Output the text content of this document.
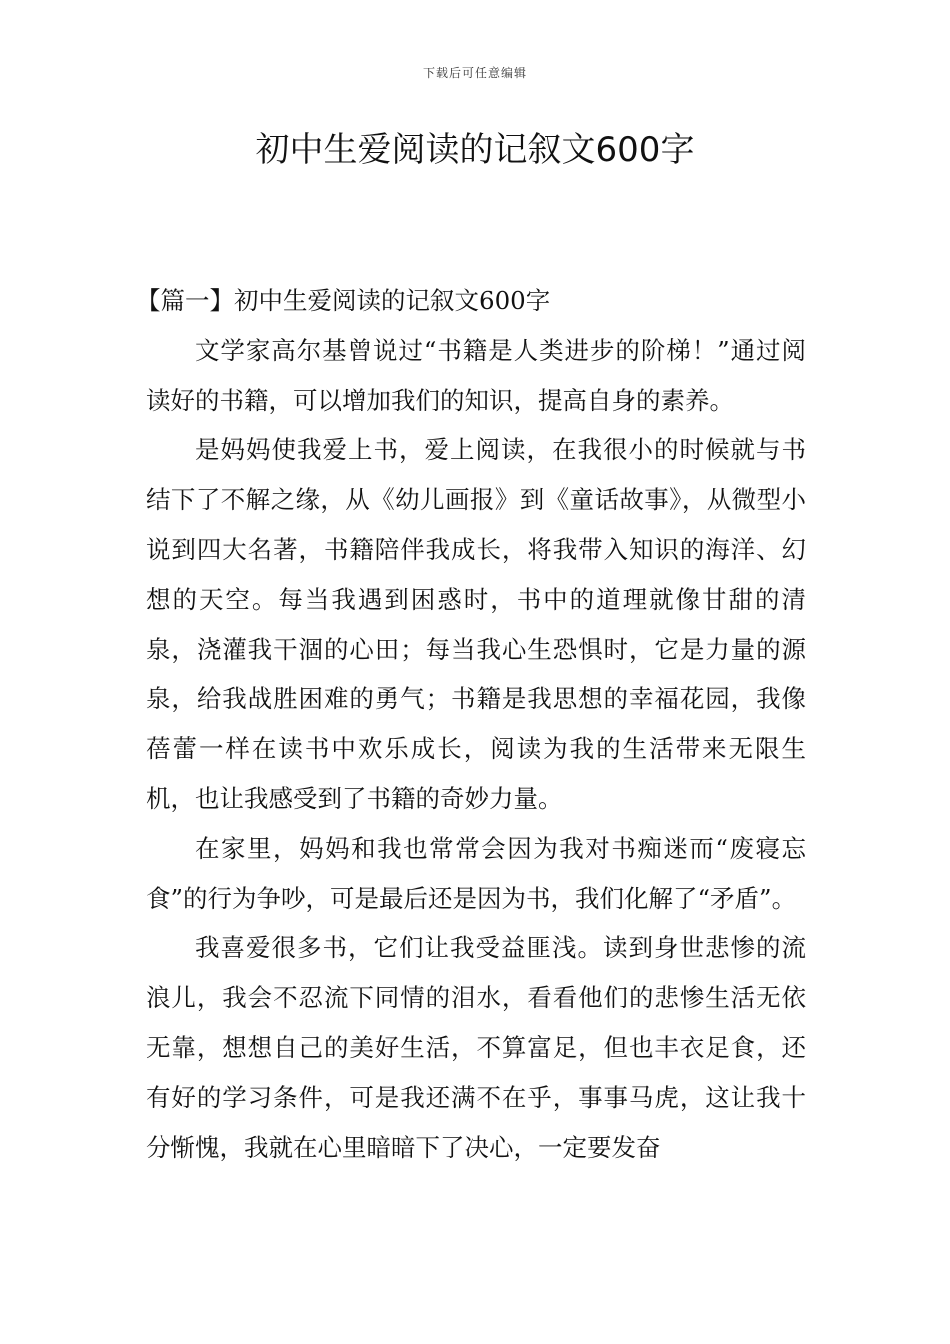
下载后可任意编辑
初中生爱阅读的记叙文600字

【篇一】初中生爱阅读的记叙文600字

文学家高尔基曾说过“书籍是人类进步的阶梯！”通过阅读好的书籍，可以增加我们的知识，提高自身的素养。

是妈妈使我爱上书，爱上阅读，在我很小的时候就与书结下了不解之缘，从《幼儿画报》到《童话故事》，从微型小说到四大名著，书籍陪伴我成长，将我带入知识的海洋、幻想的天空。每当我遇到困惑时，书中的道理就像甘甜的清泉，浇灌我干涸的心田；每当我心生恐惧时，它是力量的源泉，给我战胜困难的勇气；书籍是我思想的幸福花园，我像蓓蕾一样在读书中欢乐成长，阅读为我的生活带来无限生机，也让我感受到了书籍的奇妙力量。

在家里，妈妈和我也常常会因为我对书痴迷而“废寝忘食”的行为争吵，可是最后还是因为书，我们化解了“矛盾”。

我喜爱很多书，它们让我受益匪浅。读到身世悲惨的流浪儿，我会不忍流下同情的泪水，看看他们的悲惨生活无依无靠，想想自己的美好生活，不算富足，但也丰衣足食，还有好的学习条件，可是我还满不在乎，事事马虎，这让我十分惭愧，我就在心里暗暗下了决心，一定要发奋
